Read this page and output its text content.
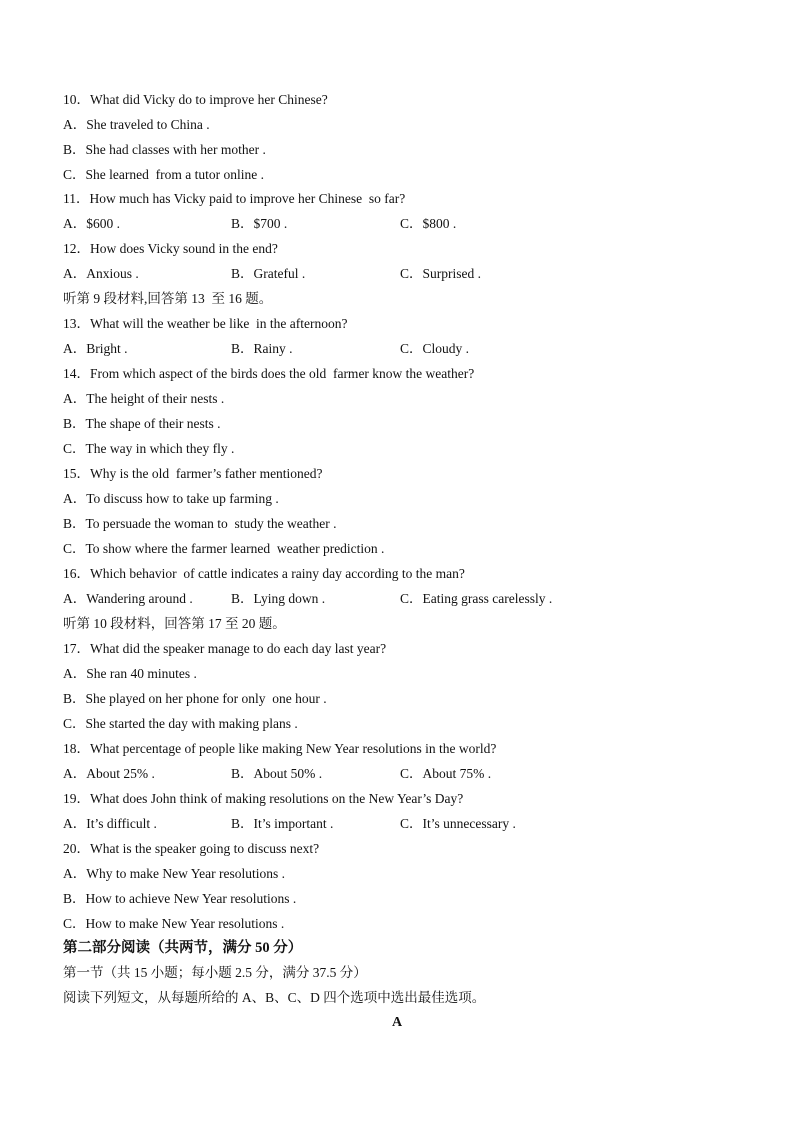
10．What did Vicky do to improve her Chinese?
A．She traveled to China .
B．She had classes with her mother .
C．She learned  from a tutor online .
11．How much has Vicky paid to improve her Chinese  so far?
A．$600 .	B．$700 .	C．$800 .
12．How does Vicky sound in the end?
A．Anxious .	B．Grateful .	C．Surprised .
听第 9 段材料,回答第 13  至 16 题。
13．What will the weather be like  in the afternoon?
A．Bright .	B．Rainy .	C．Cloudy .
14．From which aspect of the birds does the old  farmer know the weather?
A．The height of their nests .
B．The shape of their nests .
C．The way in which they fly .
15．Why is the old  farmer’s father mentioned?
A．To discuss how to take up farming .
B．To persuade the woman to  study the weather .
C．To show where the farmer learned  weather prediction .
16．Which behavior  of cattle indicates a rainy day according to the man?
A．Wandering around .	B．Lying down .	C．Eating grass carelessly .
听第 10 段材料，回答第 17 至 20 题。
17．What did the speaker manage to do each day last year?
A．She ran 40 minutes .
B．She played on her phone for only  one hour .
C．She started the day with making plans .
18．What percentage of people like making New Year resolutions in the world?
A．About 25% .	B．About 50% .	C．About 75% .
19．What does John think of making resolutions on the New Year’s Day?
A．It’s difficult .	B．It’s important .	C．It’s unnecessary .
20．What is the speaker going to discuss next?
A．Why to make New Year resolutions .
B．How to achieve New Year resolutions .
C．How to make New Year resolutions .
第二部分阅读（共两节，满分 50 分）
第一节（共 15 小题；每小题 2.5 分，满分 37.5 分）
阅读下列短文，从每题所给的 A、B、C、D 四个选项中选出最佳选项。
A
